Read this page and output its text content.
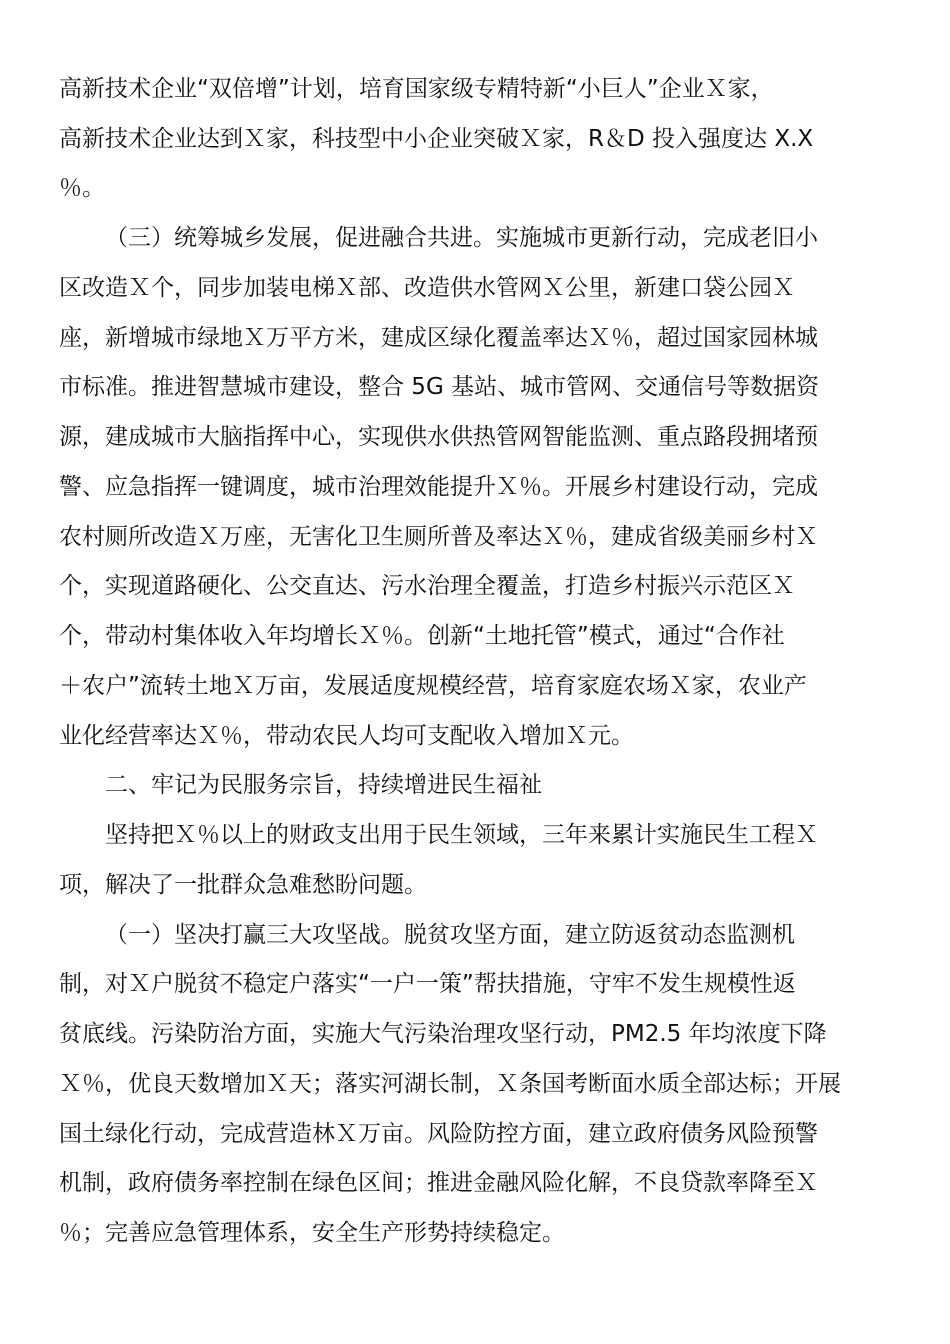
高新技术企业“双倍增”计划，培育国家级专精特新“小巨人”企业Ｘ家，
高新技术企业达到Ｘ家，科技型中小企业突破Ｘ家，R＆D 投入强度达 X.X
％。
（三）统筹城乡发展，促进融合共进。实施城市更新行动，完成老旧小
区改造Ｘ个，同步加装电梯Ｘ部、改造供水管网Ｘ公里，新建口袋公园Ｘ
座，新增城市绿地Ｘ万平方米，建成区绿化覆盖率达Ｘ％，超过国家园林城
市标准。推进智慧城市建设，整合 5G 基站、城市管网、交通信号等数据资
源，建成城市大脑指挥中心，实现供水供热管网智能监测、重点路段拥堵预
警、应急指挥一键调度，城市治理效能提升Ｘ％。开展乡村建设行动，完成
农村厕所改造Ｘ万座，无害化卫生厕所普及率达Ｘ％，建成省级美丽乡村Ｘ
个，实现道路硬化、公交直达、污水治理全覆盖，打造乡村振兴示范区Ｘ
个，带动村集体收入年均增长Ｘ％。创新“土地托管”模式，通过“合作社
＋农户”流转土地Ｘ万亩，发展适度规模经营，培育家庭农场Ｘ家，农业产
业化经营率达Ｘ％，带动农民人均可支配收入增加Ｘ元。
二、牢记为民服务宗旨，持续增进民生福祉
坚持把Ｘ％以上的财政支出用于民生领域，三年来累计实施民生工程Ｘ
项，解决了一批群众急难愁盼问题。
（一）坚决打赢三大攻坚战。脱贫攻坚方面，建立防返贫动态监测机
制，对Ｘ户脱贫不稳定户落实“一户一策”帮扶措施，守牢不发生规模性返
贫底线。污染防治方面，实施大气污染治理攻坚行动，PM2.5 年均浓度下降
Ｘ％，优良天数增加Ｘ天；落实河湖长制，Ｘ条国考断面水质全部达标；开展
国土绿化行动，完成营造林Ｘ万亩。风险防控方面，建立政府债务风险预警
机制，政府债务率控制在绿色区间；推进金融风险化解，不良贷款率降至Ｘ
％；完善应急管理体系，安全生产形势持续稳定。
